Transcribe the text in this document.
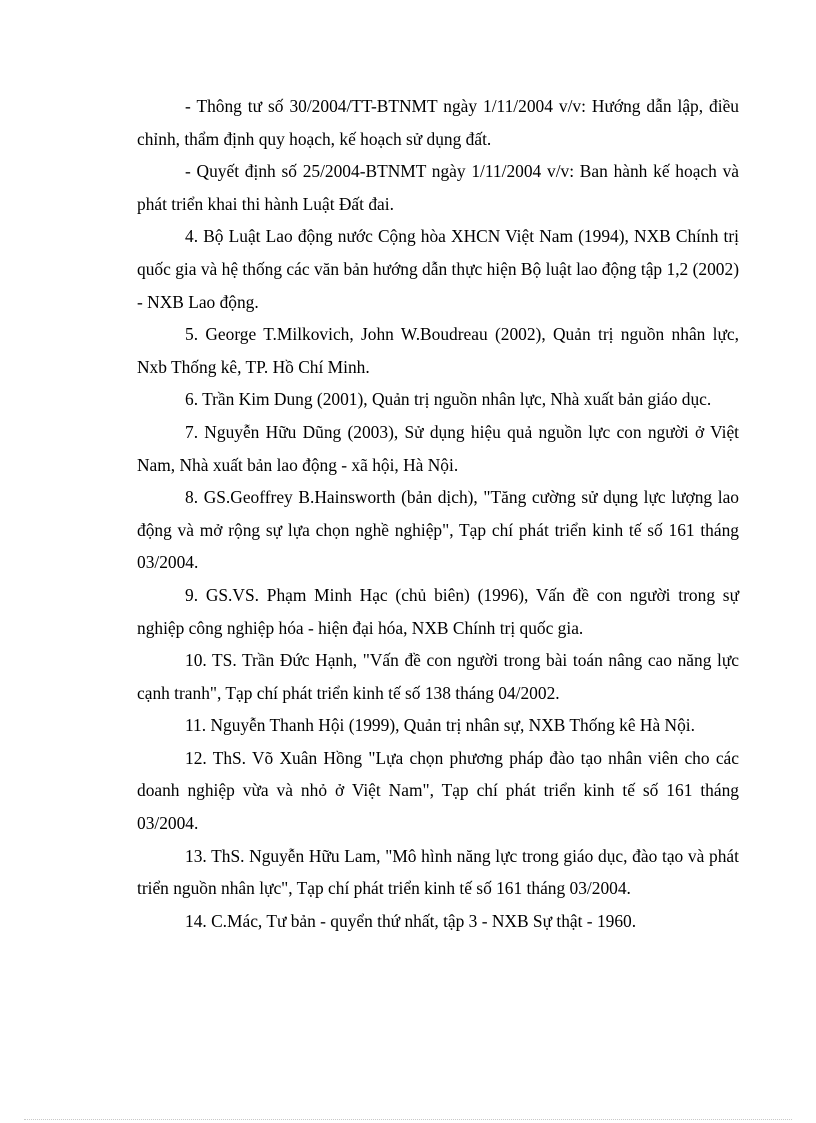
- Thông tư số 30/2004/TT-BTNMT ngày 1/11/2004 v/v: Hướng dẫn lập, điều chỉnh, thẩm định quy hoạch, kế hoạch sử dụng đất.

- Quyết định số 25/2004-BTNMT ngày 1/11/2004 v/v: Ban hành kế hoạch và phát triển khai thi hành Luật Đất đai.

4. Bộ Luật Lao động nước Cộng hòa XHCN Việt Nam (1994), NXB Chính trị quốc gia và hệ thống các văn bản hướng dẫn thực hiện Bộ luật lao động tập 1,2 (2002) - NXB Lao động.

5. George T.Milkovich, John W.Boudreau (2002), Quản trị nguồn nhân lực, Nxb Thống kê, TP. Hồ Chí Minh.

6. Trần Kim Dung (2001), Quản trị nguồn nhân lực, Nhà xuất bản giáo dục.

7. Nguyễn Hữu Dũng (2003), Sử dụng hiệu quả nguồn lực con người ở Việt Nam, Nhà xuất bản lao động - xã hội, Hà Nội.

8. GS.Geoffrey B.Hainsworth (bản dịch), "Tăng cường sử dụng lực lượng lao động và mở rộng sự lựa chọn nghề nghiệp", Tạp chí phát triển kinh tế số 161 tháng 03/2004.

9. GS.VS. Phạm Minh Hạc (chủ biên) (1996), Vấn đề con người trong sự nghiệp công nghiệp hóa - hiện đại hóa, NXB Chính trị quốc gia.

10. TS. Trần Đức Hạnh, "Vấn đề con người trong bài toán nâng cao năng lực cạnh tranh", Tạp chí phát triển kinh tế số 138 tháng 04/2002.

11. Nguyễn Thanh Hội (1999), Quản trị nhân sự, NXB Thống kê Hà Nội.

12. ThS. Võ Xuân Hồng "Lựa chọn phương pháp đào tạo nhân viên cho các doanh nghiệp vừa và nhỏ ở Việt Nam", Tạp chí phát triển kinh tế số 161 tháng 03/2004.

13. ThS. Nguyễn Hữu Lam, "Mô hình năng lực trong giáo dục, đào tạo và phát triển nguồn nhân lực", Tạp chí phát triển kinh tế số 161 tháng 03/2004.

14. C.Mác, Tư bản - quyển thứ nhất, tập 3 - NXB Sự thật - 1960.
